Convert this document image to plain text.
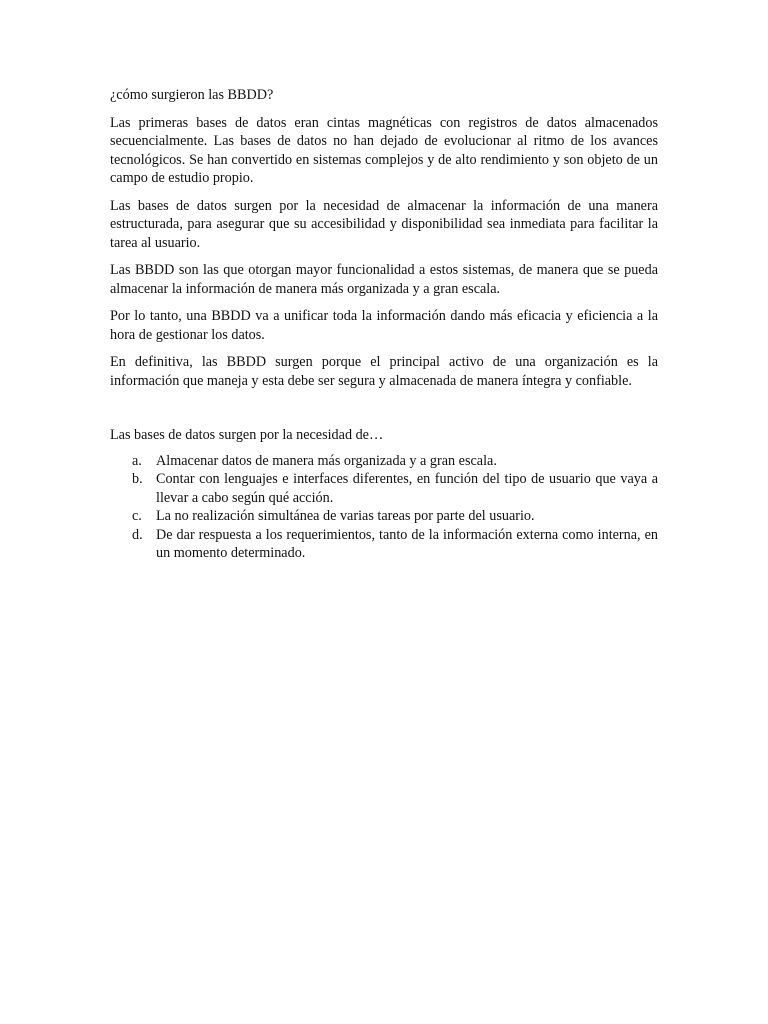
¿cómo surgieron las BBDD?

Las primeras bases de datos eran cintas magnéticas con registros de datos almacenados secuencialmente. Las bases de datos no han dejado de evolucionar al ritmo de los avances tecnológicos. Se han convertido en sistemas complejos y de alto rendimiento y son objeto de un campo de estudio propio.

Las bases de datos surgen por la necesidad de almacenar la información de una manera estructurada, para asegurar que su accesibilidad y disponibilidad sea inmediata para facilitar la tarea al usuario.

Las BBDD son las que otorgan mayor funcionalidad a estos sistemas, de manera que se pueda almacenar la información de manera más organizada y a gran escala.

Por lo tanto, una BBDD va a unificar toda la información dando más eficacia y eficiencia a la hora de gestionar los datos.

En definitiva, las BBDD surgen porque el principal activo de una organización es la información que maneja y esta debe ser segura y almacenada de manera íntegra y confiable.

Las bases de datos surgen por la necesidad de…

a. Almacenar datos de manera más organizada y a gran escala.
b. Contar con lenguajes e interfaces diferentes, en función del tipo de usuario que vaya a llevar a cabo según qué acción.
c. La no realización simultánea de varias tareas por parte del usuario.
d. De dar respuesta a los requerimientos, tanto de la información externa como interna, en un momento determinado.
